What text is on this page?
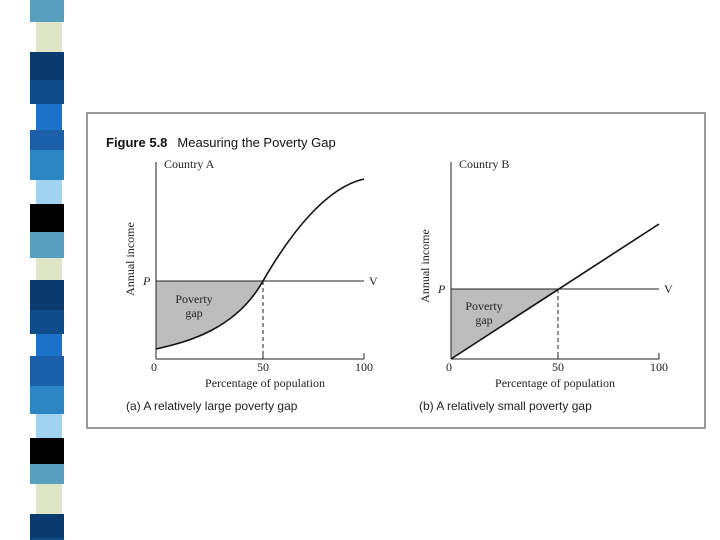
Figure 5.8 Measuring the Poverty Gap
Country A
Annual income P	V
Poverty
gap
0	50	100
Percentage of population

(a) A relatively large poverty gap

Country B
Annual income P	V
Poverty
gap
0	50	100
Percentage of population

(b) A relatively small poverty gap
